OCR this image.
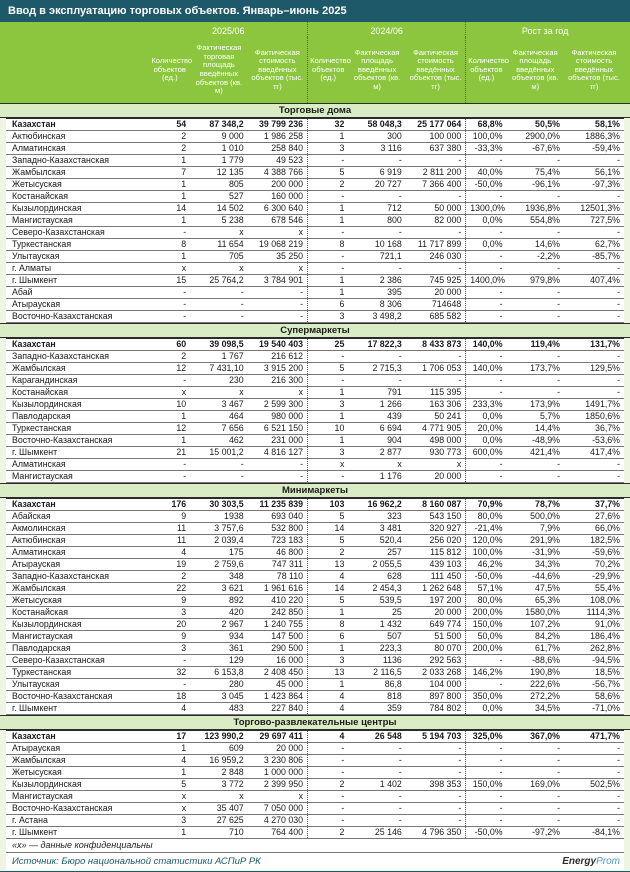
Ввод в эксплуатацию торговых объектов. Январь–июнь 2025
	2025/06			2024/06			Рост за год		
	Количество объектов (ед.)	Фактическая торговая площадь введённых объектов (кв. м)	Фактическая стоимость введённых объектов (тыс. тг)	Количество объектов (ед.)	Фактическая площадь введённых объектов (кв. м)	Фактическая стоимость введённых объектов (тыс. тг)	Количество объектов (ед.)	Фактическая площадь введённых объектов (кв. м)	Фактическая стоимость введённых объектов (тыс. тг)
Торговые дома
Казахстан	54	87 348,2	39 799 236	32	58 048,3	25 177 064	68,8%	50,5%	58,1%
Актюбинская	2	9 000	1 986 258	1	300	100 000	100,0%	2900,0%	1886,3%
Алматинская	2	1 010	258 840	3	3 116	637 380	-33,3%	-67,6%	-59,4%
Западно-Казахстанская	1	1 779	49 523	-	-	-	-	-	-
Жамбылская	7	12 135	4 388 766	5	6 919	2 811 200	40,0%	75,4%	56,1%
Жетысуская	1	805	200 000	2	20 727	7 366 400	-50,0%	-96,1%	-97,3%
Костанайская	1	527	160 000	-	-	-	-	-	-
Кызылординская	14	14 502	6 300 640	1	712	50 000	1300,0%	1936,8%	12501,3%
Мангистауская	1	5 238	678 546	1	800	82 000	0,0%	554,8%	727,5%
Северо-Казахстанская	-	х	х	-	-	-	-	-	-
Туркестанская	8	11 654	19 068 219	8	10 168	11 717 899	0,0%	14,6%	62,7%
Улытауская	1	705	35 250	-	721,1	246 030	-	-2,2%	-85,7%
г. Алматы	х	х	х	-	-	-	-	-	-
г. Шымкент	15	25 764,2	3 784 901	1	2 386	745 925	1400,0%	979,8%	407,4%
Абай	-	-	-	1	395	20 000	-	-	-
Атырауская	-	-	-	6	8 306	714648	-	-	-
Восточно-Казахстанская	-	-	-	3	3 498,2	685 582	-	-	-
Супермаркеты
Казахстан	60	39 098,5	19 540 403	25	17 822,3	8 433 873	140,0%	119,4%	131,7%
Западно-Казахстанская	2	1 767	216 612	-	-	-	-	-	-
Жамбылская	12	7 431,10	3 915 200	5	2 715,3	1 706 053	140,0%	173,7%	129,5%
Карагандинская	-	230	216 300	-	-	-	-	-	-
Костанайская	х	х	х	1	791	115 395	-	-	-
Кызылординская	10	3 467	2 599 300	3	1 266	163 306	233,3%	173,9%	1491,7%
Павлодарская	1	464	980 000	1	439	50 241	0,0%	5,7%	1850,6%
Туркестанская	12	7 656	6 521 150	10	6 694	4 771 905	20,0%	14,4%	36,7%
Восточно-Казахстанская	1	462	231 000	1	904	498 000	0,0%	-48,9%	-53,6%
г. Шымкент	21	15 001,2	4 816 127	3	2 877	930 773	600,0%	421,4%	417,4%
Алматинская	-	-	-	х	х	х	-	-	-
Мангистауская	-	-	-	-	1 176	20 000	-	-	-
Минимаркеты
Казахстан	176	30 303,5	11 235 839	103	16 962,2	8 160 087	70,9%	78,7%	37,7%
Абайская	9	1938	693 040	5	323	543 150	80,0%	500,0%	27,6%
Акмолинская	11	3 757,6	532 800	14	3 481	320 927	-21,4%	7,9%	66,0%
Актюбинская	11	2 039,4	723 183	5	520,4	256 020	120,0%	291,9%	182,5%
Алматинская	4	175	46 800	2	257	115 812	100,0%	-31,9%	-59,6%
Атырауская	19	2 759,6	747 311	13	2 055,5	439 103	46,2%	34,3%	70,2%
Западно-Казахстанская	2	348	78 110	4	628	111 450	-50,0%	-44,6%	-29,9%
Жамбылская	22	3 621	1 961 616	14	2 454,3	1 262 648	57,1%	47,5%	55,4%
Жетысуская	9	892	410 220	5	539,5	197 200	80,0%	65,3%	108,0%
Костанайская	3	420	242 850	1	25	20 000	200,0%	1580,0%	1114,3%
Кызылординская	20	2 967	1 240 755	8	1 432	649 774	150,0%	107,2%	91,0%
Мангистауская	9	934	147 500	6	507	51 500	50,0%	84,2%	186,4%
Павлодарская	3	361	290 500	1	223,3	80 070	200,0%	61,7%	262,8%
Северо-Казахстанская	-	129	16 000	3	1136	292 563	-	-88,6%	-94,5%
Туркестанская	32	6 153,8	2 408 450	13	2 116,5	2 033 268	146,2%	190,8%	18,5%
Улытауская	-	280	45 000	1	86,8	104 000	-	222,6%	-56,7%
Восточно-Казахстанская	18	3 045	1 423 864	4	818	897 800	350,0%	272,2%	58,6%
г. Шымкент	4	483	227 840	4	359	784 802	0,0%	34,5%	-71,0%
Торгово-развлекательные центры
Казахстан	17	123 990,2	29 697 411	4	26 548	5 194 703	325,0%	367,0%	471,7%
Атырауская	1	609	20 000	-	-	-	-	-	-
Жамбылская	4	16 959,2	3 230 806	-	-	-	-	-	-
Жетысуская	1	2 848	1 000 000	-	-	-	-	-	-
Кызылординская	5	3 772	2 399 950	2	1 402	398 353	150,0%	169,0%	502,5%
Мангистауская	х	х	х	-	-	-	-	-	-
Восточно-Казахстанская	х	35 407	7 050 000	-	-	-	-	-	-
г. Астана	3	27 625	4 270 030	-	-	-	-	-	-
г. Шымкент	1	710	764 400	2	25 146	4 796 350	-50,0%	-97,2%	-84,1%
«х» — данные конфиденциальны
Источник: Бюро национальной статистики АСПиР РК	EnergyProm
